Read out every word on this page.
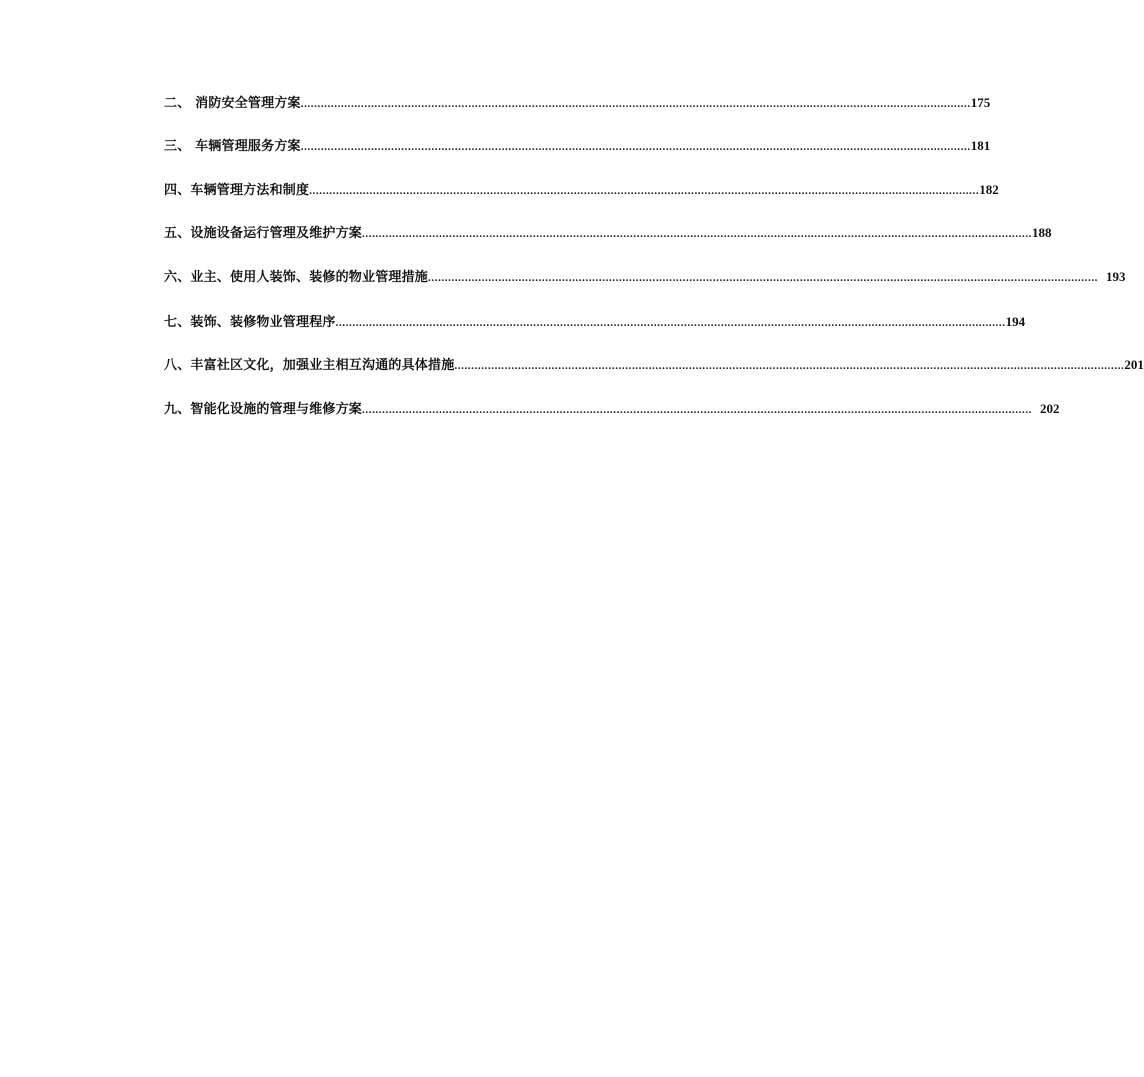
二、 消防安全管理方案 ........................................................................................................................................................................................................ 175
三、 车辆管理服务方案 ........................................................................................................................................................................................................ 181
四、车辆管理方法和制度 ........................................................................................................................................................................................................ 182
五、设施设备运行管理及维护方案 ........................................................................................................................................................................................................ 188
六、业主、使用人装饰、装修的物业管理措施 ........................................................................................................................................................................................................ 193
七、装饰、装修物业管理程序 ........................................................................................................................................................................................................ 194
八、丰富社区文化，加强业主相互沟通的具体措施 ........................................................................................................................................................................................................ 201
九、智能化设施的管理与维修方案 ........................................................................................................................................................................................................ 202
